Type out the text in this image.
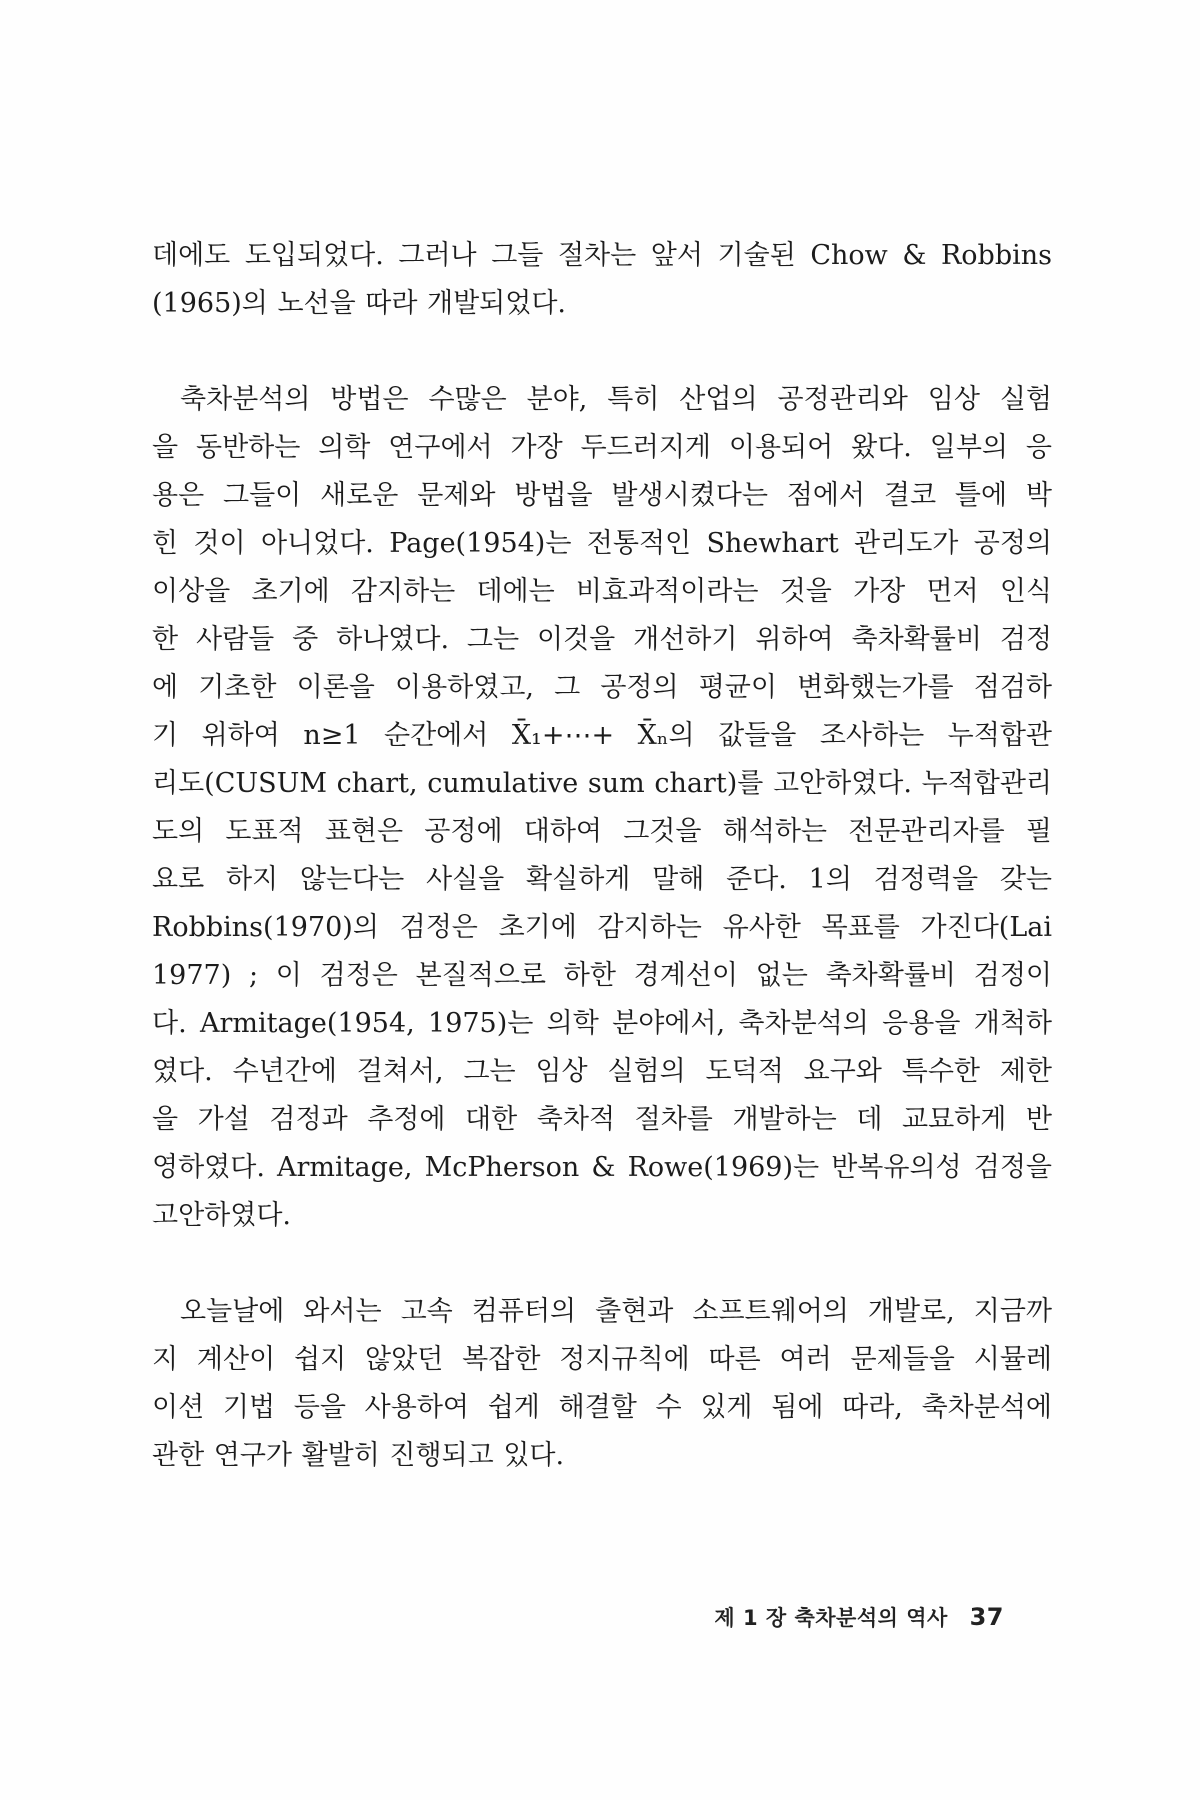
데에도 도입되었다. 그러나 그들 절차는 앞서 기술된 Chow & Robbins
(1965)의 노선을 따라 개발되었다.

축차분석의 방법은 수많은 분야, 특히 산업의 공정관리와 임상 실험
을 동반하는 의학 연구에서 가장 두드러지게 이용되어 왔다. 일부의 응
용은 그들이 새로운 문제와 방법을 발생시켰다는 점에서 결코 틀에 박
힌 것이 아니었다. Page(1954)는 전통적인 Shewhart 관리도가 공정의
이상을 초기에 감지하는 데에는 비효과적이라는 것을 가장 먼저 인식
한 사람들 중 하나였다. 그는 이것을 개선하기 위하여 축차확률비 검정
에 기초한 이론을 이용하였고, 그 공정의 평균이 변화했는가를 점검하
기 위하여 n≥1 순간에서 X̄₁+⋯+ X̄ₙ의 값들을 조사하는 누적합관
리도(CUSUM chart, cumulative sum chart)를 고안하였다. 누적합관리
도의 도표적 표현은 공정에 대하여 그것을 해석하는 전문관리자를 필
요로 하지 않는다는 사실을 확실하게 말해 준다. 1의 검정력을 갖는
Robbins(1970)의 검정은 초기에 감지하는 유사한 목표를 가진다(Lai
1977) ; 이 검정은 본질적으로 하한 경계선이 없는 축차확률비 검정이
다. Armitage(1954, 1975)는 의학 분야에서, 축차분석의 응용을 개척하
였다. 수년간에 걸쳐서, 그는 임상 실험의 도덕적 요구와 특수한 제한
을 가설 검정과 추정에 대한 축차적 절차를 개발하는 데 교묘하게 반
영하였다. Armitage, McPherson & Rowe(1969)는 반복유의성 검정을
고안하였다.

오늘날에 와서는 고속 컴퓨터의 출현과 소프트웨어의 개발로, 지금까
지 계산이 쉽지 않았던 복잡한 정지규칙에 따른 여러 문제들을 시뮬레
이션 기법 등을 사용하여 쉽게 해결할 수 있게 됨에 따라, 축차분석에
관한 연구가 활발히 진행되고 있다.

제 1 장 축차분석의 역사 37
